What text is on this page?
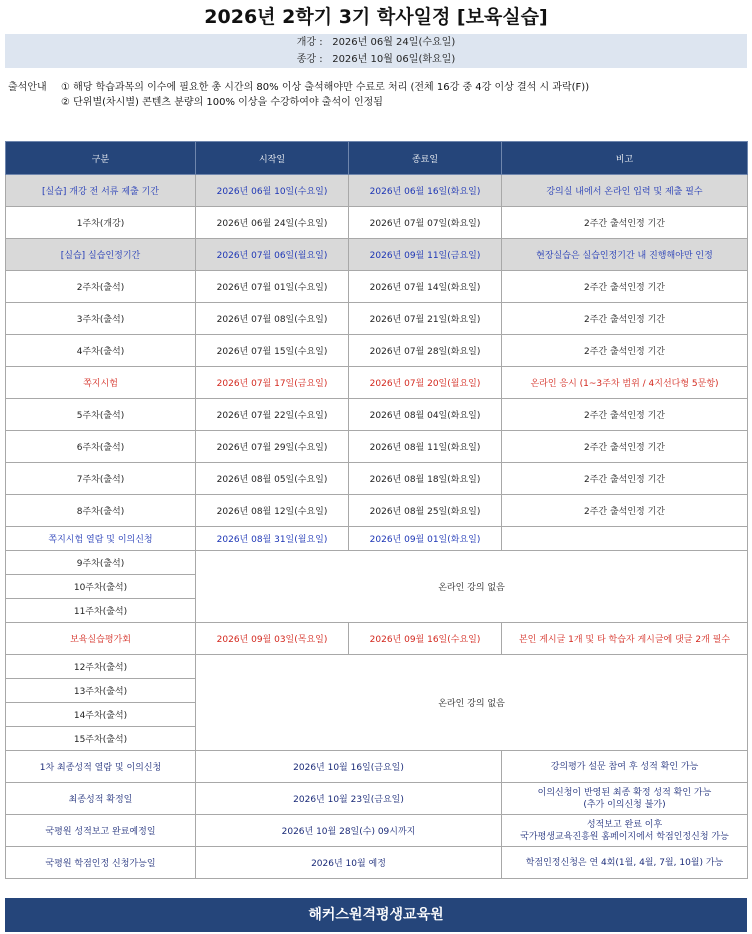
2026년 2학기 3기 학사일정 [보육실습]
개강 :   2026년 06월 24일(수요일)
종강 :   2026년 10월 06일(화요일)
출석안내 ① 해당 학습과목의 이수에 필요한 총 시간의 80% 이상 출석해야만 수료로 처리 (전체 16강 중 4강 이상 결석 시 과락(F))
② 단위별(차시별) 콘텐츠 분량의 100% 이상을 수강하여야 출석이 인정됨
구분	시작일	종료일	비고
[실습] 개강 전 서류 제출 기간	2026년 06월 10일(수요일)	2026년 06월 16일(화요일)	강의실 내에서 온라인 입력 및 제출 필수
1주차(개강)	2026년 06월 24일(수요일)	2026년 07월 07일(화요일)	2주간 출석인정 기간
[실습] 실습인정기간	2026년 07월 06일(월요일)	2026년 09월 11일(금요일)	현장실습은 실습인정기간 내 진행해야만 인정
2주차(출석)	2026년 07월 01일(수요일)	2026년 07월 14일(화요일)	2주간 출석인정 기간
3주차(출석)	2026년 07월 08일(수요일)	2026년 07월 21일(화요일)	2주간 출석인정 기간
4주차(출석)	2026년 07월 15일(수요일)	2026년 07월 28일(화요일)	2주간 출석인정 기간
쪽지시험	2026년 07월 17일(금요일)	2026년 07월 20일(월요일)	온라인 응시 (1~3주차 범위 / 4지선다형 5문항)
5주차(출석)	2026년 07월 22일(수요일)	2026년 08월 04일(화요일)	2주간 출석인정 기간
6주차(출석)	2026년 07월 29일(수요일)	2026년 08월 11일(화요일)	2주간 출석인정 기간
7주차(출석)	2026년 08월 05일(수요일)	2026년 08월 18일(화요일)	2주간 출석인정 기간
8주차(출석)	2026년 08월 12일(수요일)	2026년 08월 25일(화요일)	2주간 출석인정 기간
쪽지시험 열람 및 이의신청	2026년 08월 31일(월요일)	2026년 09월 01일(화요일)	
9주차(출석)	온라인 강의 없음		
10주차(출석)			
11주차(출석)			
보육실습평가회	2026년 09월 03일(목요일)	2026년 09월 16일(수요일)	본인 게시글 1개 및 타 학습자 게시글에 댓글 2개 필수
12주차(출석)	온라인 강의 없음		
13주차(출석)			
14주차(출석)			
15주차(출석)			
1차 최종성적 열람 및 이의신청	2026년 10월 16일(금요일)		강의평가 설문 참여 후 성적 확인 가능
최종성적 확정일	2026년 10월 23일(금요일)		이의신청이 반영된 최종 확정 성적 확인 가능
(추가 이의신청 불가)
국평원 성적보고 완료예정일	2026년 10월 28일(수) 09시까지		성적보고 완료 이후
국가평생교육진흥원 홈페이지에서 학점인정신청 가능
국평원 학점인정 신청가능일	2026년 10월 예정		학점인정신청은 연 4회(1월, 4월, 7월, 10월) 가능
해커스원격평생교육원
